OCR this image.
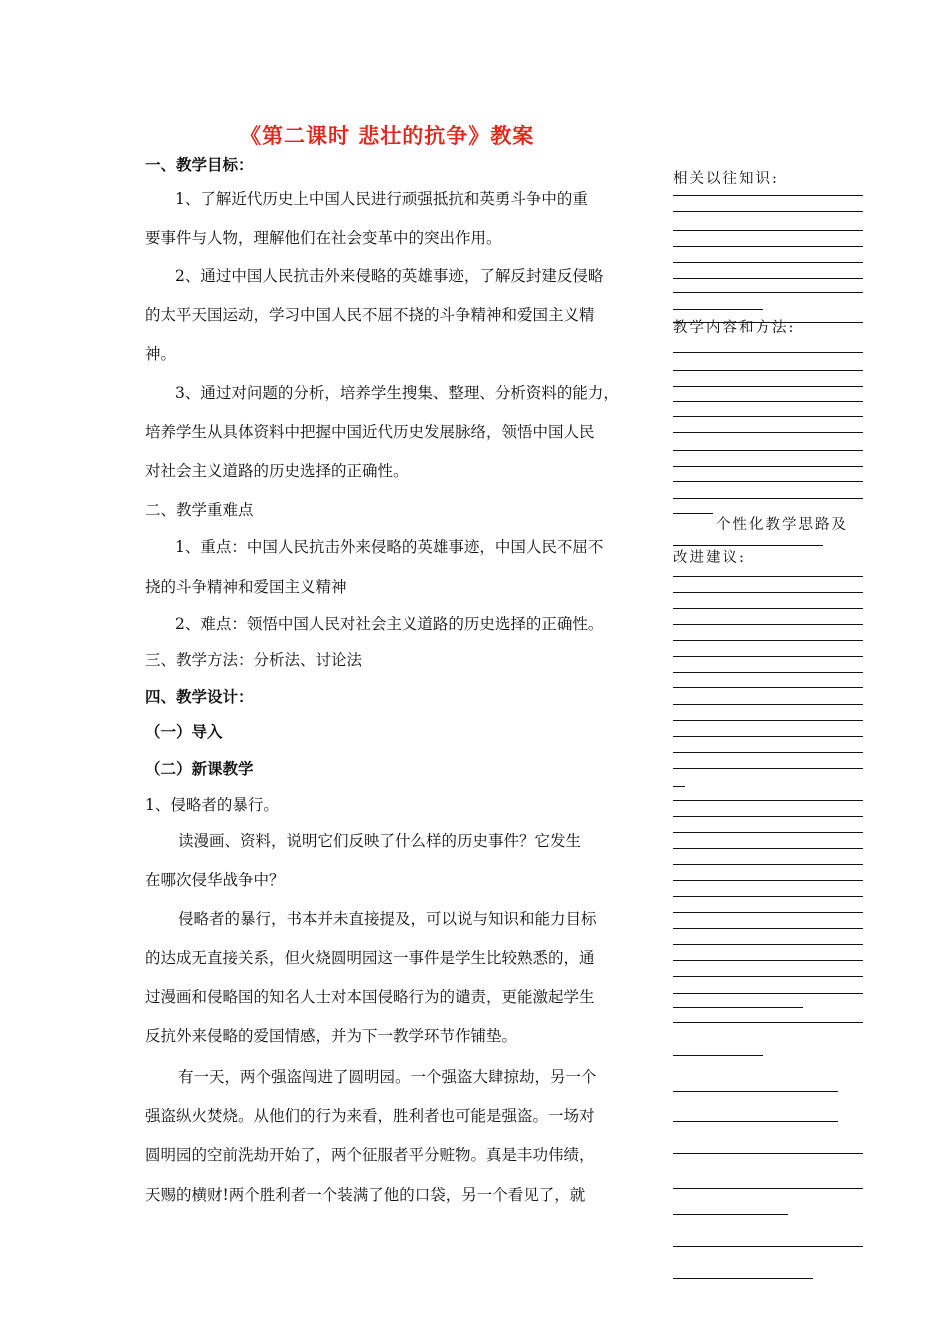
《第二课时 悲壮的抗争》教案
一、教学目标：
1、了解近代历史上中国人民进行顽强抵抗和英勇斗争中的重
要事件与人物，理解他们在社会变革中的突出作用。
2、通过中国人民抗击外来侵略的英雄事迹，了解反封建反侵略
的太平天国运动，学习中国人民不屈不挠的斗争精神和爱国主义精
神。
3、通过对问题的分析，培养学生搜集、整理、分析资料的能力，
培养学生从具体资料中把握中国近代历史发展脉络，领悟中国人民
对社会主义道路的历史选择的正确性。
二、教学重难点
1、重点：中国人民抗击外来侵略的英雄事迹，中国人民不屈不
挠的斗争精神和爱国主义精神
2、难点：领悟中国人民对社会主义道路的历史选择的正确性。
三、教学方法：分析法、讨论法
四、教学设计：
（一）导入
（二）新课教学
1、侵略者的暴行。
读漫画、资料，说明它们反映了什么样的历史事件？它发生
在哪次侵华战争中？
侵略者的暴行，书本并未直接提及，可以说与知识和能力目标
的达成无直接关系，但火烧圆明园这一事件是学生比较熟悉的，通
过漫画和侵略国的知名人士对本国侵略行为的谴责，更能激起学生
反抗外来侵略的爱国情感，并为下一教学环节作铺垫。
有一天，两个强盗闯进了圆明园。一个强盗大肆掠劫，另一个
强盗纵火焚烧。从他们的行为来看，胜利者也可能是强盗。一场对
圆明园的空前洗劫开始了，两个征服者平分赃物。真是丰功伟绩，
天赐的横财!两个胜利者一个装满了他的口袋，另一个看见了，就
相关以往知识:
教学内容和方法:
个性化教学思路及
改进建议:
